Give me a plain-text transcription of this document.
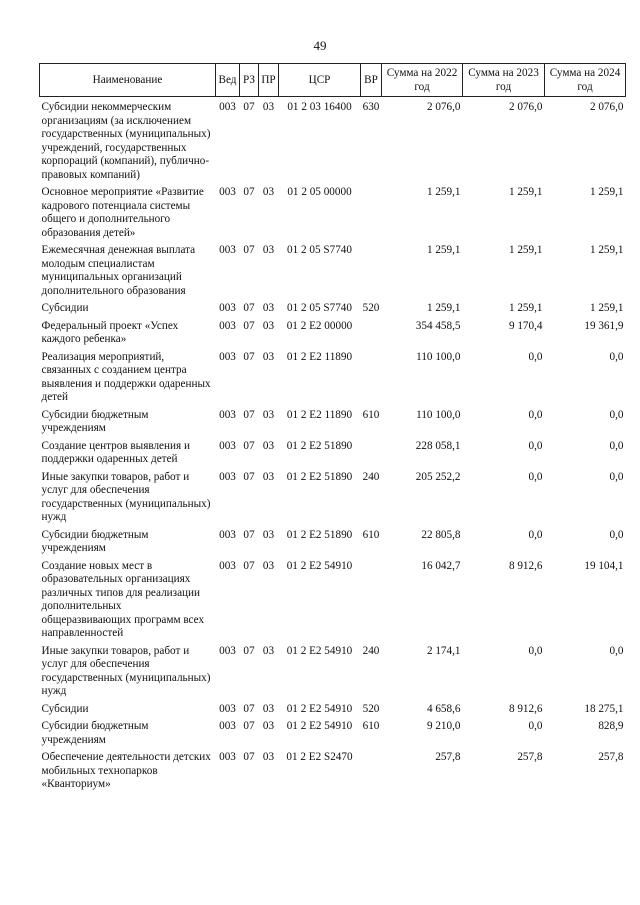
49
Наименование	Вед	РЗ	ПР	ЦСР	ВР	Сумма на 2022 год	Сумма на 2023 год	Сумма на 2024 год

Субсидии некоммерческим организациям (за исключением государственных (муниципальных) учреждений, государственных корпораций (компаний), публично-правовых компаний)	003	07	03	01 2 03 16400	630	2 076,0	2 076,0	2 076,0

Основное мероприятие «Развитие кадрового потенциала системы общего и дополнительного образования детей»	003	07	03	01 2 05 00000		1 259,1	1 259,1	1 259,1

Ежемесячная денежная выплата молодым специалистам муниципальных организаций дополнительного образования	003	07	03	01 2 05 S7740		1 259,1	1 259,1	1 259,1

Субсидии	003	07	03	01 2 05 S7740	520	1 259,1	1 259,1	1 259,1

Федеральный проект «Успех каждого ребенка»	003	07	03	01 2 E2 00000		354 458,5	9 170,4	19 361,9

Реализация мероприятий, связанных с созданием центра выявления и поддержки одаренных детей	003	07	03	01 2 E2 11890		110 100,0	0,0	0,0

Субсидии бюджетным учреждениям	003	07	03	01 2 E2 11890	610	110 100,0	0,0	0,0

Создание центров выявления и поддержки одаренных детей	003	07	03	01 2 E2 51890		228 058,1	0,0	0,0

Иные закупки товаров, работ и услуг для обеспечения государственных (муниципальных) нужд	003	07	03	01 2 E2 51890	240	205 252,2	0,0	0,0

Субсидии бюджетным учреждениям	003	07	03	01 2 E2 51890	610	22 805,8	0,0	0,0

Создание новых мест в образовательных организациях различных типов для реализации дополнительных общеразвивающих программ всех направленностей	003	07	03	01 2 E2 54910		16 042,7	8 912,6	19 104,1

Иные закупки товаров, работ и услуг для обеспечения государственных (муниципальных) нужд	003	07	03	01 2 E2 54910	240	2 174,1	0,0	0,0

Субсидии	003	07	03	01 2 E2 54910	520	4 658,6	8 912,6	18 275,1

Субсидии бюджетным учреждениям	003	07	03	01 2 E2 54910	610	9 210,0	0,0	828,9

Обеспечение деятельности детских мобильных технопарков «Кванториум»	003	07	03	01 2 E2 S2470		257,8	257,8	257,8
